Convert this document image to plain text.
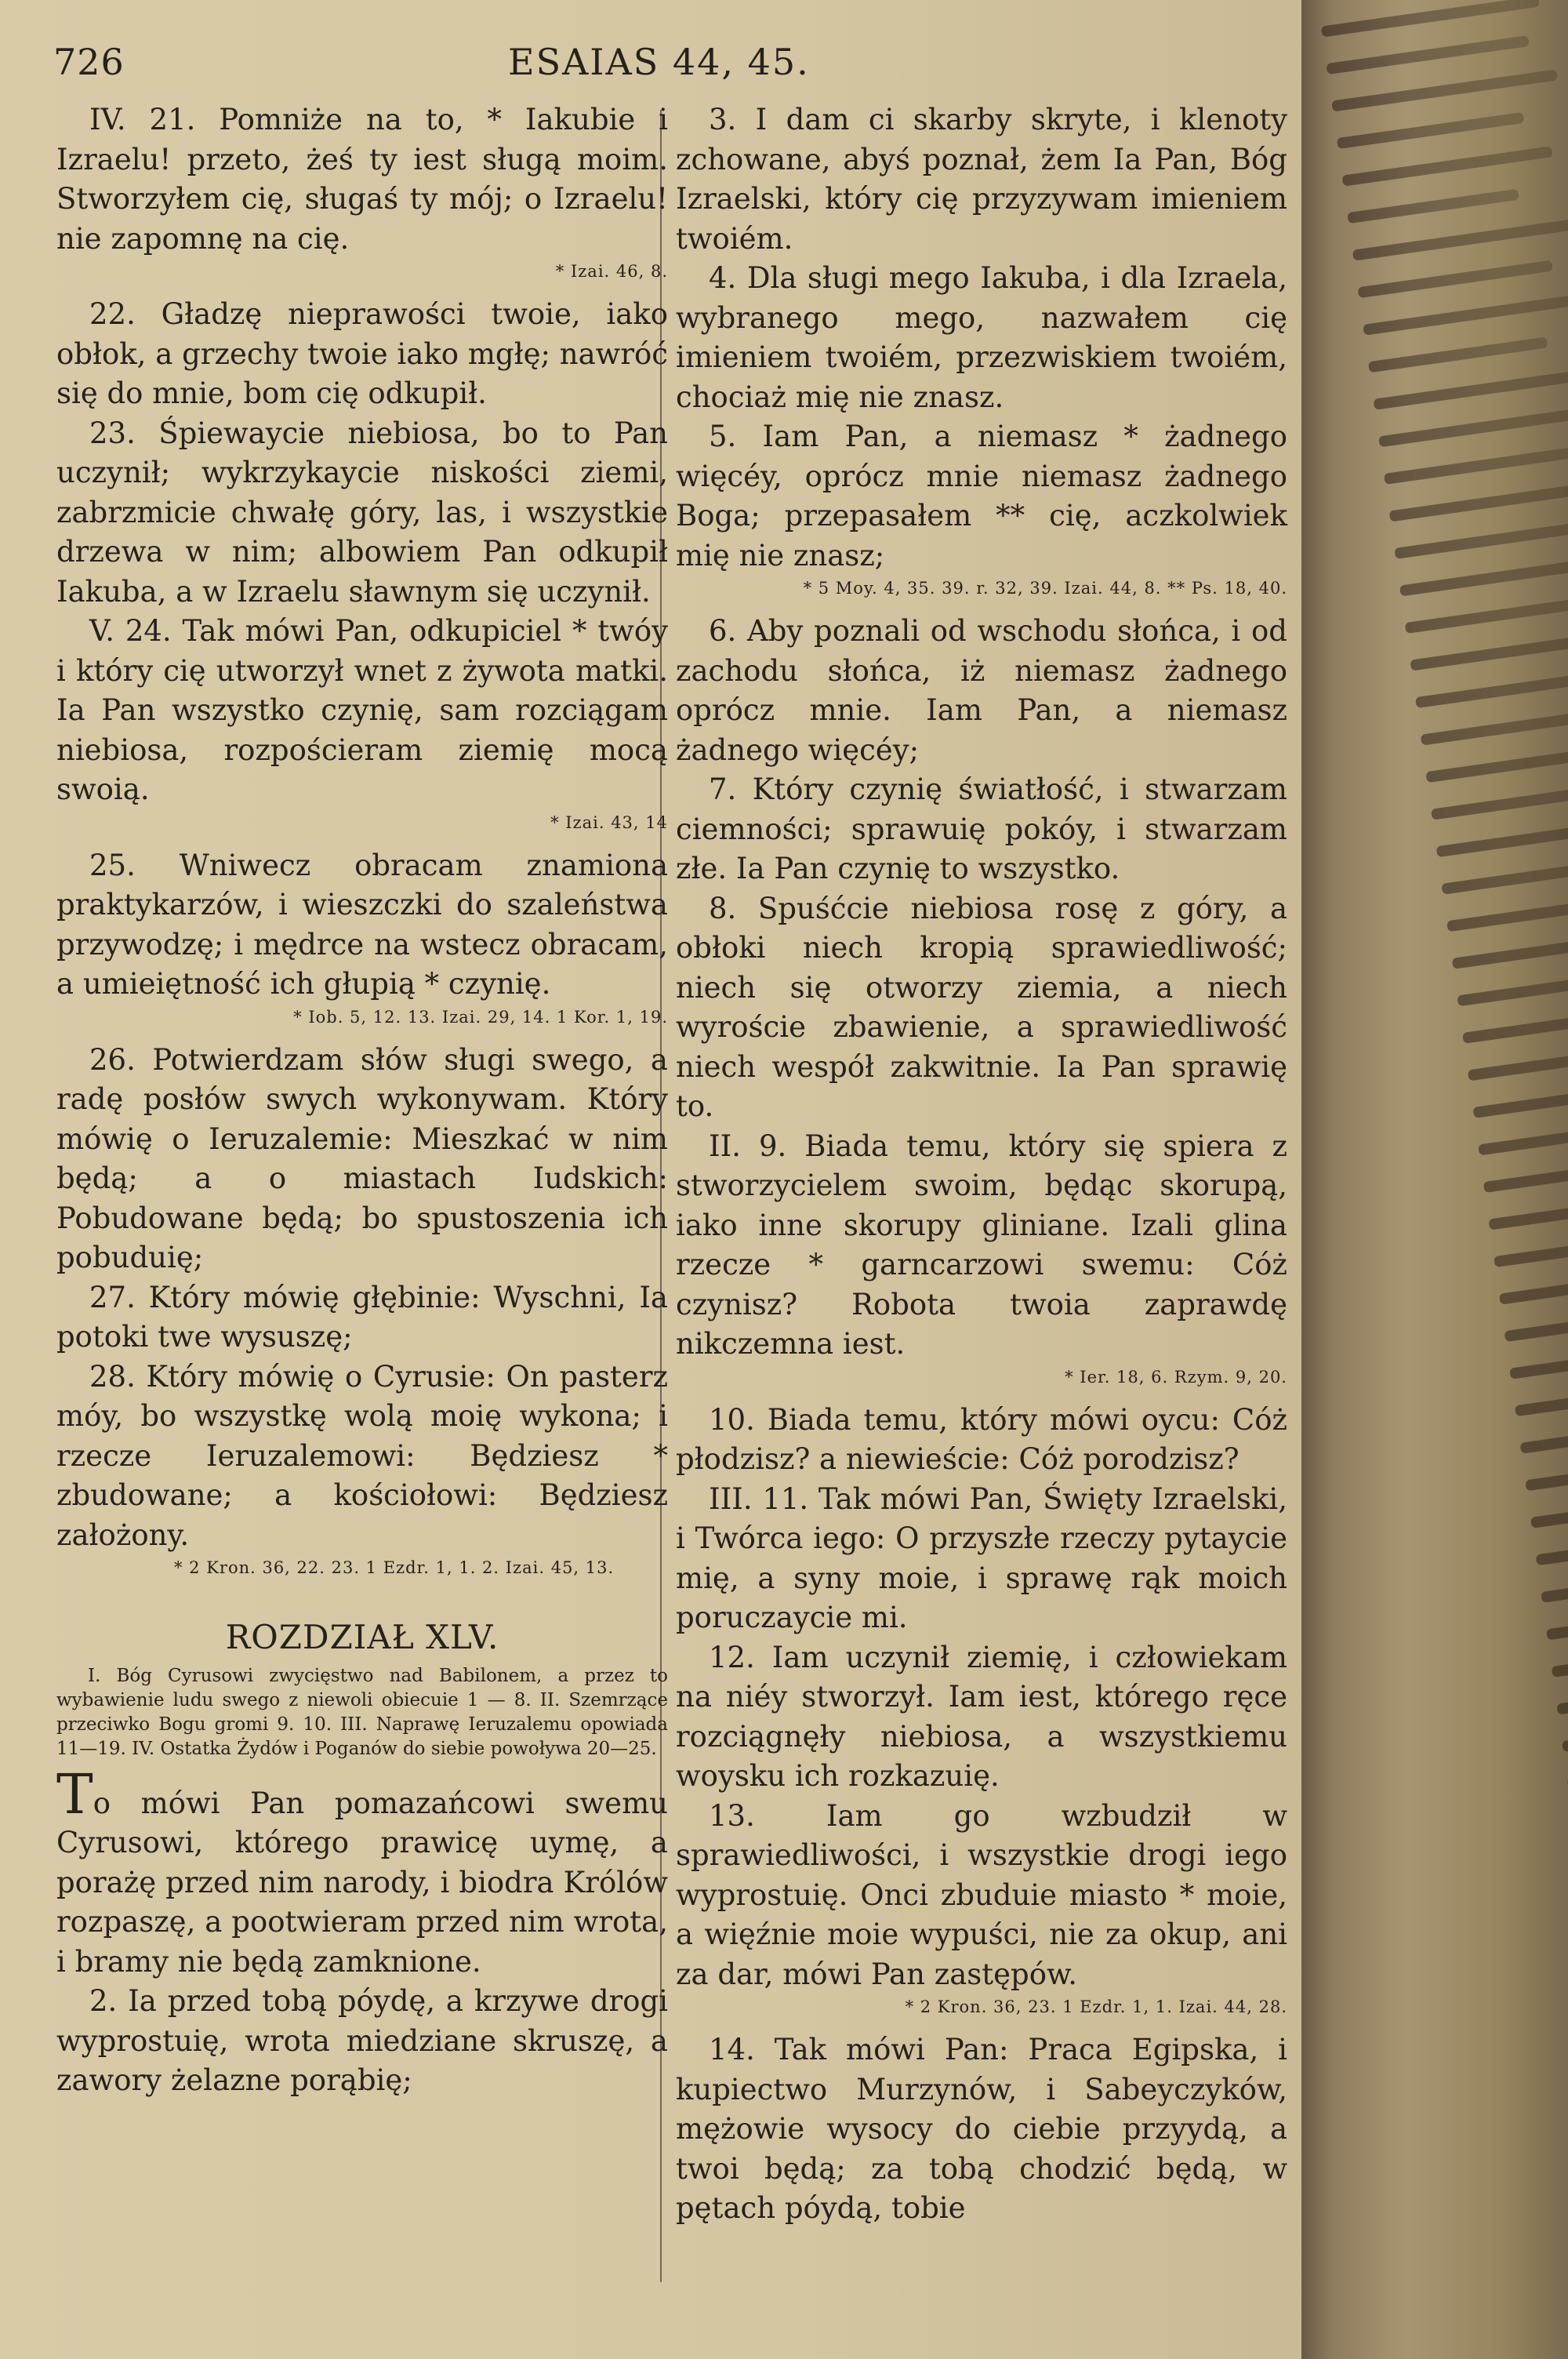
726	ESAIAS 44, 45.

IV. 21. Pomniże na to, * Iakubie i Izraelu! przeto, żeś ty iest sługą moim. Stworzyłem cię, sługaś ty mój; o Izraelu! nie zapomnę na cię.

* Izai. 46, 8.

22. Gładzę nieprawości twoie, iako obłok, a grzechy twoie iako mgłę; nawróć się do mnie, bom cię odkupił.

23. Śpiewaycie niebiosa, bo to Pan uczynił; wykrzykaycie niskości ziemi, zabrzmicie chwałę góry, las, i wszystkie drzewa w nim; albowiem Pan odkupił Iakuba, a w Izraelu sławnym się uczynił.

V. 24. Tak mówi Pan, odkupiciel * twóy i który cię utworzył wnet z żywota matki. Ia Pan wszystko czynię, sam rozciągam niebiosa, rozpościeram ziemię mocą swoią.

* Izai. 43, 14

25. Wniwecz obracam znamiona praktykarzów, i wieszczki do szaleństwa przywodzę; i mędrce na wstecz obracam, a umieiętność ich głupią * czynię.

* Iob. 5, 12. 13. Izai. 29, 14. 1 Kor. 1, 19.

26. Potwierdzam słów sługi swego, a radę posłów swych wykonywam. Który mówię o Ieruzalemie: Mieszkać w nim będą; a o miastach Iudskich: Pobudowane będą; bo spustoszenia ich pobuduię;

27. Który mówię głębinie: Wyschni, Ia potoki twe wysuszę;

28. Który mówię o Cyrusie: On pasterz móy, bo wszystkę wolą moię wykona; i rzecze Ieruzalemowi: Będziesz * zbudowane; a kościołowi: Będziesz założony.

* 2 Kron. 36, 22. 23. 1 Ezdr. 1, 1. 2. Izai. 45, 13.

ROZDZIAŁ XLV.

I. Bóg Cyrusowi zwycięstwo nad Babilonem, a przez to wybawienie ludu swego z niewoli obiecuie 1 — 8. II. Szemrzące przeciwko Bogu gromi 9. 10. III. Naprawę Ieruzalemu opowiada 11—19. IV. Ostatka Żydów i Poganów do siebie powoływa 20—25.

To mówi Pan pomazańcowi swemu Cyrusowi, którego prawicę uymę, a porażę przed nim narody, i biodra Królów rozpaszę, a pootwieram przed nim wrota, i bramy nie będą zamknione.

2. Ia przed tobą póydę, a krzywe drogi wyprostuię, wrota miedziane skruszę, a zawory żelazne porąbię;

3. I dam ci skarby skryte, i klenoty zchowane, abyś poznał, żem Ia Pan, Bóg Izraelski, który cię przyzywam imieniem twoiém.

4. Dla sługi mego Iakuba, i dla Izraela, wybranego mego, nazwałem cię imieniem twoiém, przezwiskiem twoiém, chociaż mię nie znasz.

5. Iam Pan, a niemasz * żadnego więcéy, oprócz mnie niemasz żadnego Boga; przepasałem ** cię, aczkolwiek mię nie znasz;

* 5 Moy. 4, 35. 39. r. 32, 39. Izai. 44, 8. ** Ps. 18, 40.

6. Aby poznali od wschodu słońca, i od zachodu słońca, iż niemasz żadnego oprócz mnie. Iam Pan, a niemasz żadnego więcéy;

7. Który czynię światłość, i stwarzam ciemności; sprawuię pokóy, i stwarzam złe. Ia Pan czynię to wszystko.

8. Spuśćcie niebiosa rosę z góry, a obłoki niech kropią sprawiedliwość; niech się otworzy ziemia, a niech wyroście zbawienie, a sprawiedliwość niech wespół zakwitnie. Ia Pan sprawię to.

II. 9. Biada temu, który się spiera z stworzycielem swoim, będąc skorupą, iako inne skorupy gliniane. Izali glina rzecze * garncarzowi swemu: Cóż czynisz? Robota twoia zaprawdę nikczemna iest.

* Ier. 18, 6. Rzym. 9, 20.

10. Biada temu, który mówi oycu: Cóż płodzisz? a niewieście: Cóż porodzisz?

III. 11. Tak mówi Pan, Święty Izraelski, i Twórca iego: O przyszłe rzeczy pytaycie mię, a syny moie, i sprawę rąk moich poruczaycie mi.

12. Iam uczynił ziemię, i człowiekam na niéy stworzył. Iam iest, którego ręce rozciągnęły niebiosa, a wszystkiemu woysku ich rozkazuię.

13. Iam go wzbudził w sprawiedliwości, i wszystkie drogi iego wyprostuię. Onci zbuduie miasto * moie, a więźnie moie wypuści, nie za okup, ani za dar, mówi Pan zastępów.

* 2 Kron. 36, 23. 1 Ezdr. 1, 1. Izai. 44, 28.

14. Tak mówi Pan: Praca Egipska, i kupiectwo Murzynów, i Sabeyczyków, mężowie wysocy do ciebie przyydą, a twoi będą; za tobą chodzić będą, w pętach póydą, tobie
